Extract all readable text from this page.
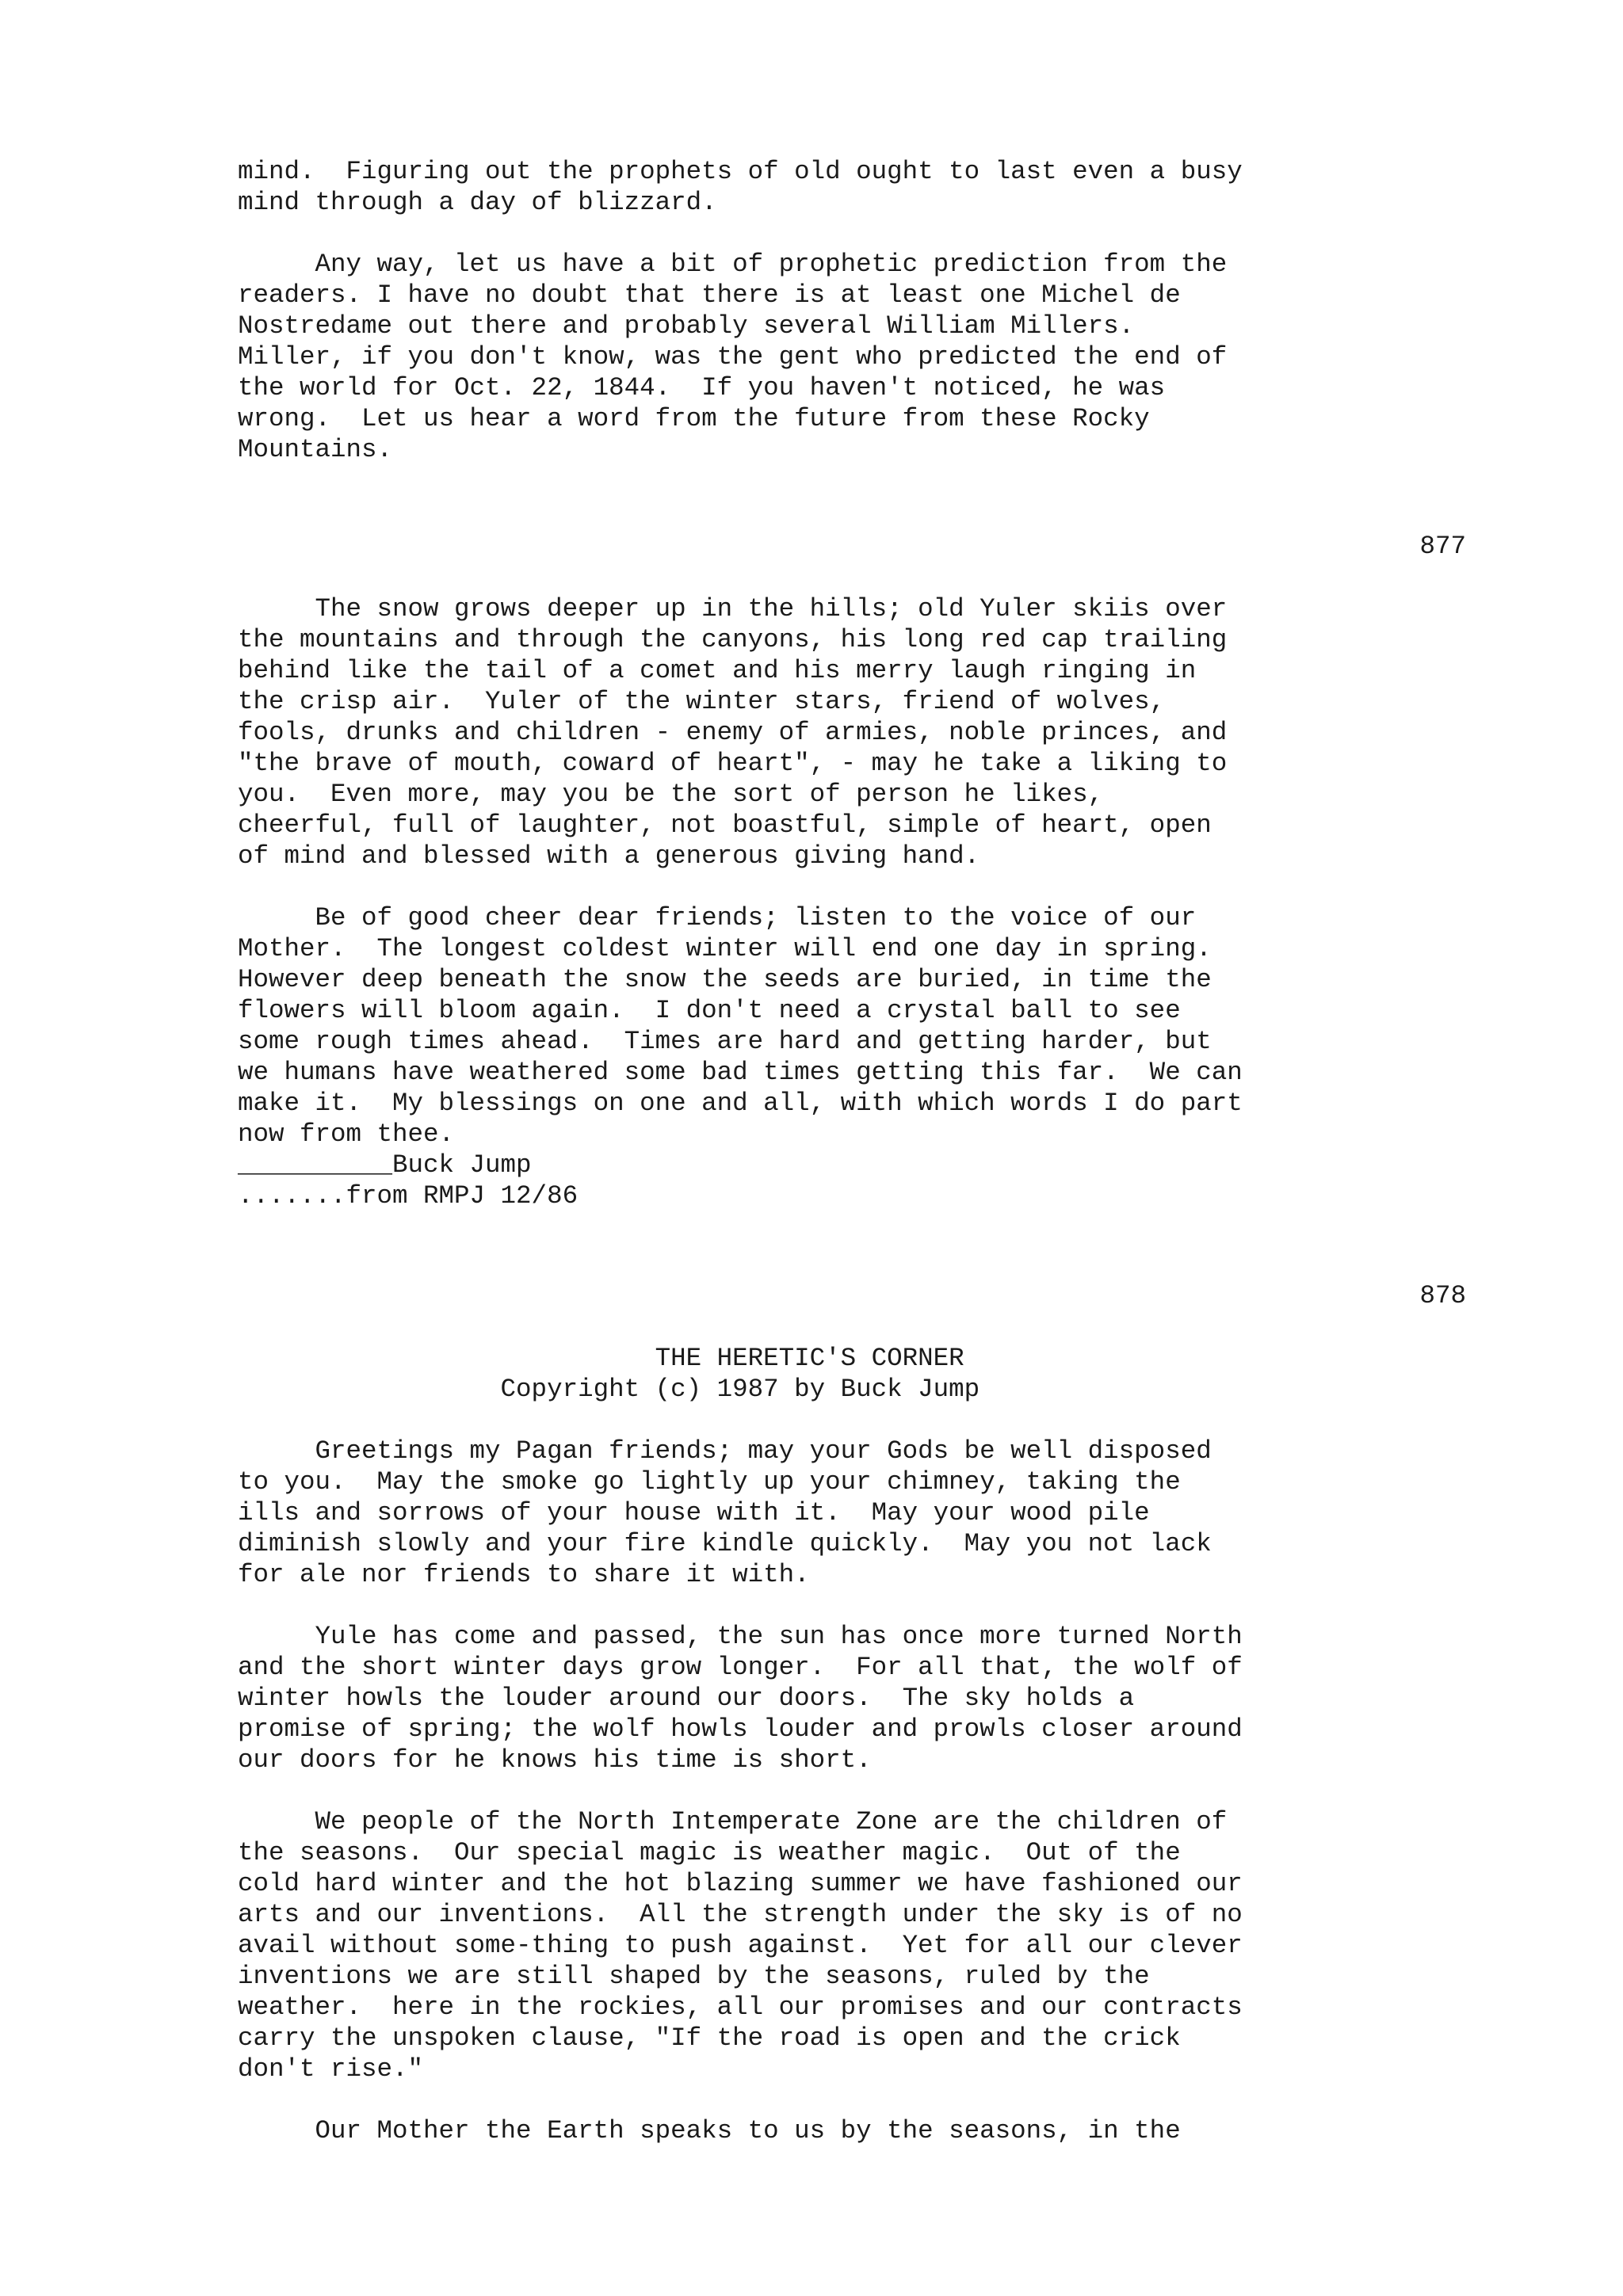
mind.  Figuring out the prophets of old ought to last even a busy
mind through a day of blizzard.
Any way, let us have a bit of prophetic prediction from the
readers. I have no doubt that there is at least one Michel de
Nostredame out there and probably several William Millers.
Miller, if you don't know, was the gent who predicted the end of
the world for Oct. 22, 1844.  If you haven't noticed, he was
wrong.  Let us hear a word from the future from these Rocky
Mountains.
877
The snow grows deeper up in the hills; old Yuler skiis over
the mountains and through the canyons, his long red cap trailing
behind like the tail of a comet and his merry laugh ringing in
the crisp air.  Yuler of the winter stars, friend of wolves,
fools, drunks and children - enemy of armies, noble princes, and
"the brave of mouth, coward of heart", - may he take a liking to
you.  Even more, may you be the sort of person he likes,
cheerful, full of laughter, not boastful, simple of heart, open
of mind and blessed with a generous giving hand.
Be of good cheer dear friends; listen to the voice of our
Mother.  The longest coldest winter will end one day in spring.
However deep beneath the snow the seeds are buried, in time the
flowers will bloom again.  I don't need a crystal ball to see
some rough times ahead.  Times are hard and getting harder, but
we humans have weathered some bad times getting this far.  We can
make it.  My blessings on one and all, with which words I do part
now from thee.
__________Buck Jump
.......from RMPJ 12/86
878
THE HERETIC'S CORNER
Copyright (c) 1987 by Buck Jump
Greetings my Pagan friends; may your Gods be well disposed
to you.  May the smoke go lightly up your chimney, taking the
ills and sorrows of your house with it.  May your wood pile
diminish slowly and your fire kindle quickly.  May you not lack
for ale nor friends to share it with.
Yule has come and passed, the sun has once more turned North
and the short winter days grow longer.  For all that, the wolf of
winter howls the louder around our doors.  The sky holds a
promise of spring; the wolf howls louder and prowls closer around
our doors for he knows his time is short.
We people of the North Intemperate Zone are the children of
the seasons.  Our special magic is weather magic.  Out of the
cold hard winter and the hot blazing summer we have fashioned our
arts and our inventions.  All the strength under the sky is of no
avail without some-thing to push against.  Yet for all our clever
inventions we are still shaped by the seasons, ruled by the
weather.  here in the rockies, all our promises and our contracts
carry the unspoken clause, "If the road is open and the crick
don't rise."
Our Mother the Earth speaks to us by the seasons, in the
